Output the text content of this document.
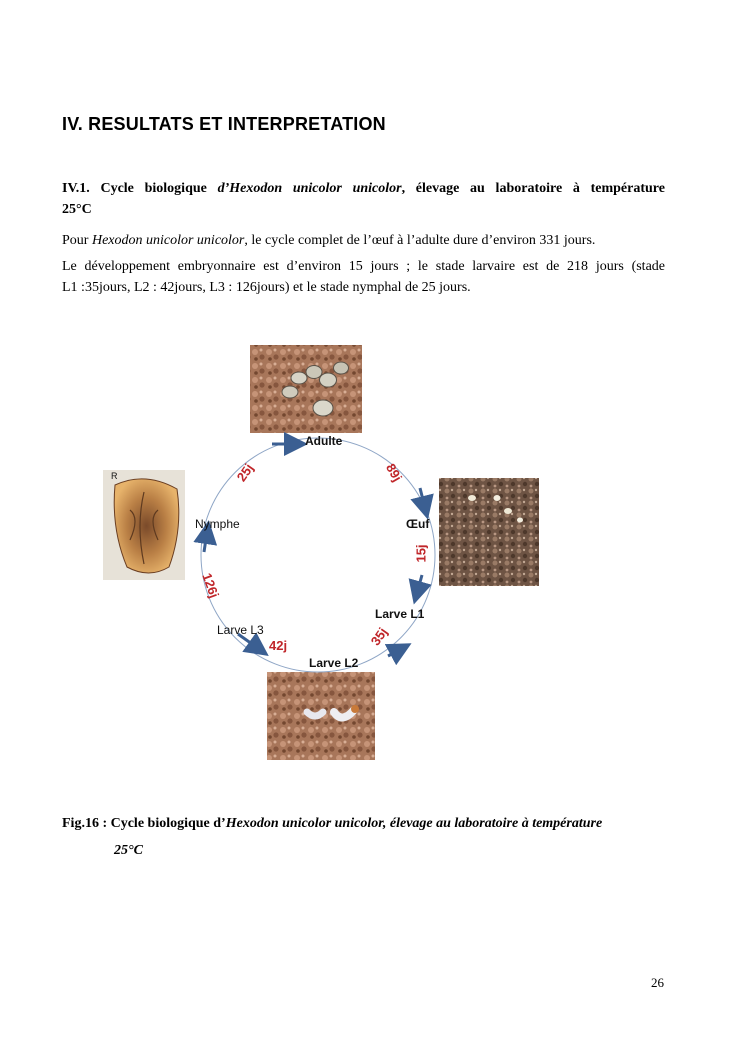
IV. RESULTATS ET INTERPRETATION
IV.1. Cycle biologique d’Hexodon unicolor unicolor, élevage au laboratoire à température
25°C
Pour Hexodon unicolor unicolor, le cycle complet de l’œuf à l’adulte dure d’environ 331 jours.
Le développement embryonnaire est d’environ 15 jours ; le stade larvaire est de 218 jours (stade
L1 :35jours, L2 : 42jours, L3 : 126jours) et le stade nymphal de 25 jours.
Adulte
Œuf
Larve L1
Larve L2
Larve L3
Nymphe
R	89j
15j
35j
42j
126j
25j
Fig.16 : Cycle biologique d’Hexodon unicolor unicolor, élevage au laboratoire à température
25°C
26
